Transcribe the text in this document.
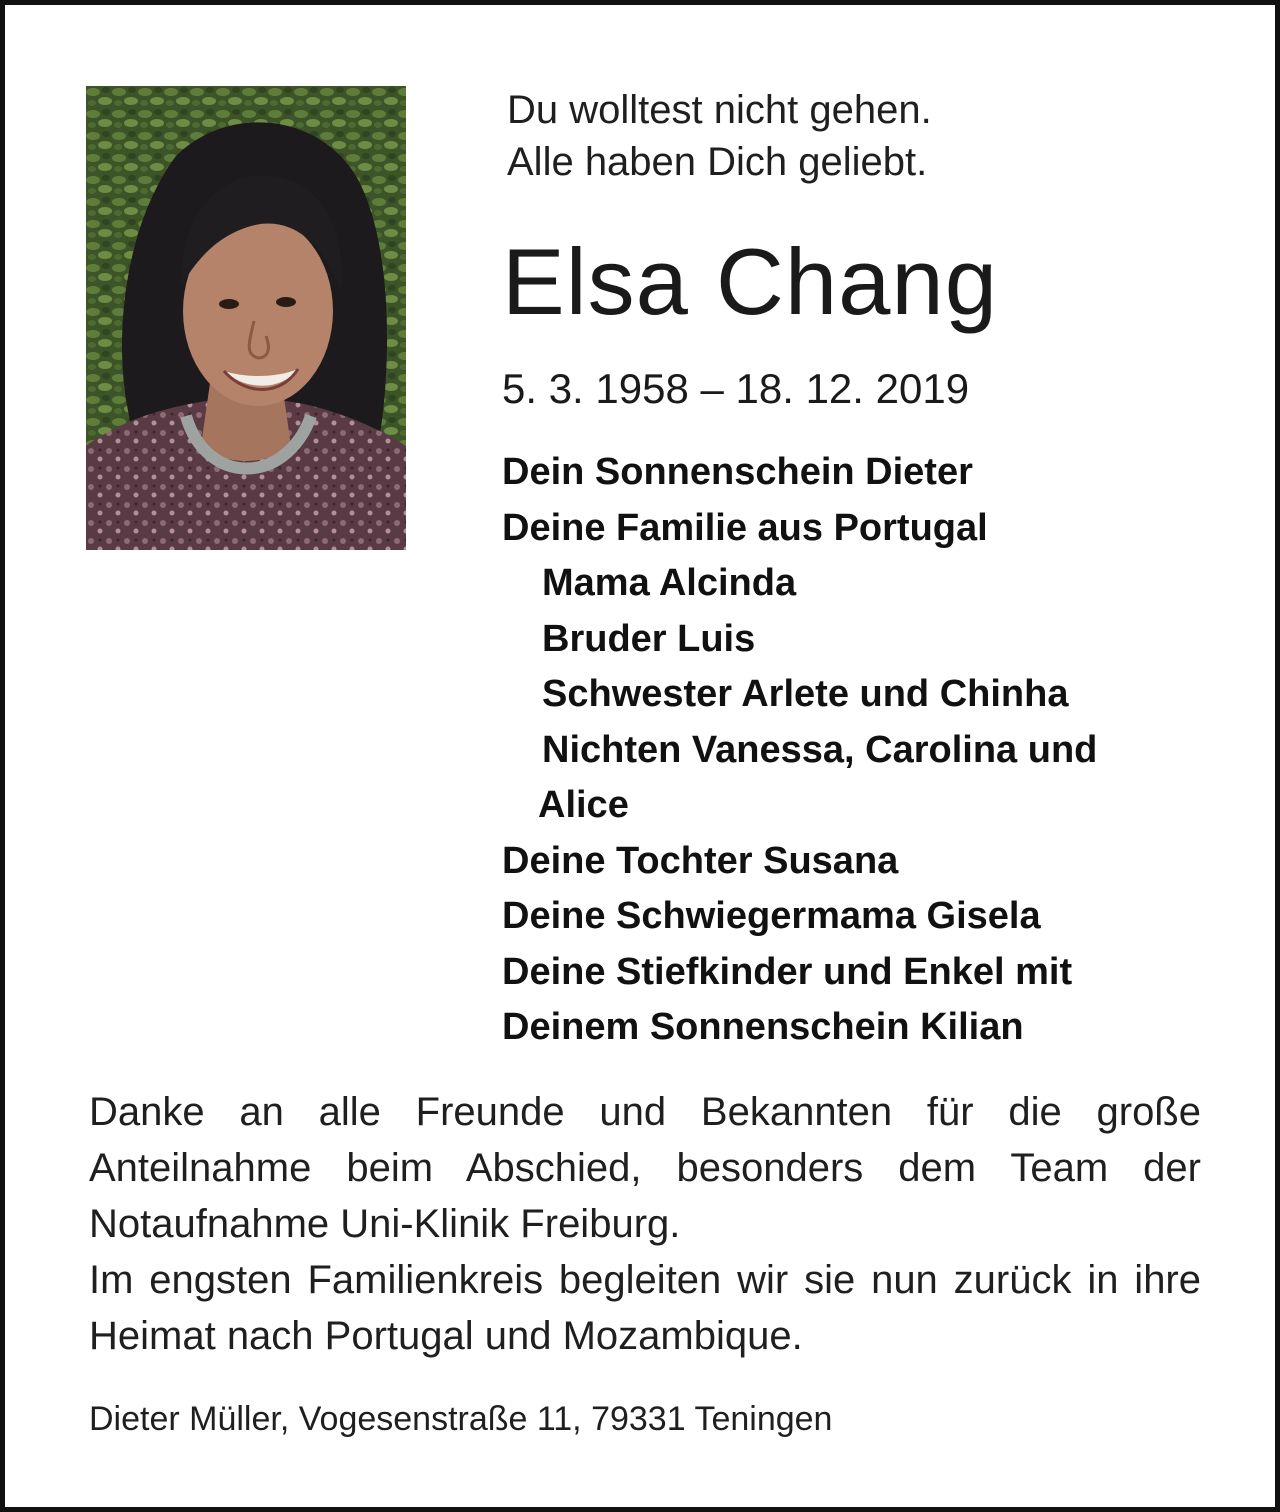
Du wolltest nicht gehen.
Alle haben Dich geliebt.
Elsa Chang
5. 3. 1958 – 18. 12. 2019
Dein Sonnenschein Dieter
Deine Familie aus Portugal
Mama Alcinda
Bruder Luis
Schwester Arlete und Chinha
Nichten Vanessa, Carolina und
Alice
Deine Tochter Susana
Deine Schwiegermama Gisela
Deine Stiefkinder und Enkel mit
Deinem Sonnenschein Kilian

Danke an alle Freunde und Bekannten für die große Anteilnahme beim Abschied, besonders dem Team der Notaufnahme Uni-Klinik Freiburg.

Im engsten Familienkreis begleiten wir sie nun zurück in ihre Heimat nach Portugal und Mozambique.

Dieter Müller, Vogesenstraße 11, 79331 Teningen
